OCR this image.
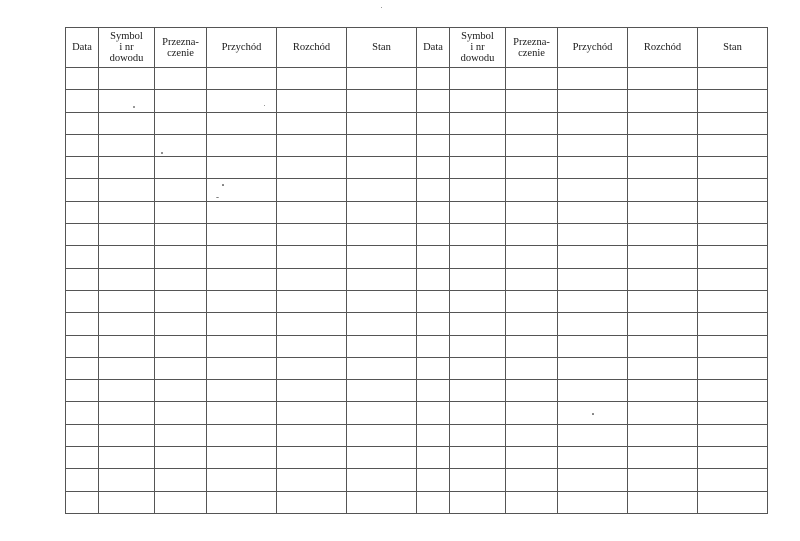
Data	Symbol
i nr
dowodu	Przezna-
czenie	Przychód	Rozchód	Stan	Data	Symbol
i nr
dowodu	Przezna-
czenie	Przychód	Rozchód	Stan
